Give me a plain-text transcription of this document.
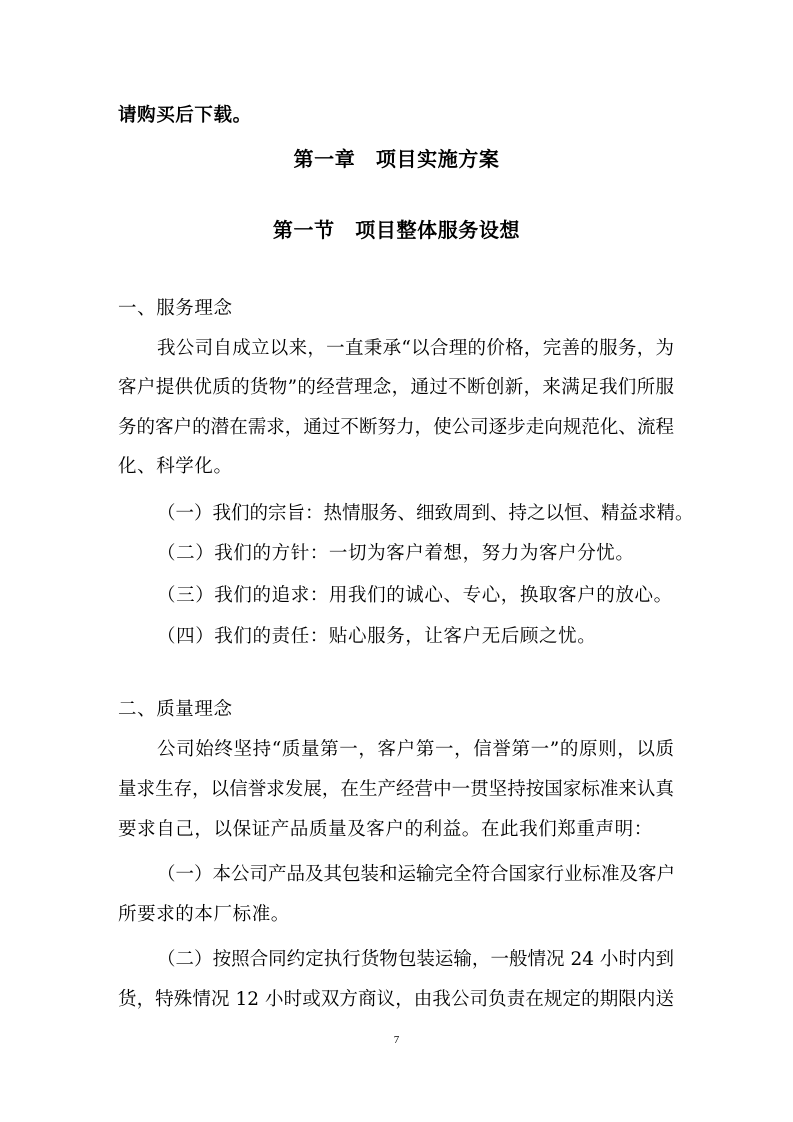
请购买后下载。
第一章　项目实施方案
第一节　项目整体服务设想
一、服务理念
我公司自成立以来，一直秉承“以合理的价格，完善的服务，为
客户提供优质的货物”的经营理念，通过不断创新，来满足我们所服
务的客户的潜在需求，通过不断努力，使公司逐步走向规范化、流程
化、科学化。
（一）我们的宗旨：热情服务、细致周到、持之以恒、精益求精。
（二）我们的方针：一切为客户着想，努力为客户分忧。
（三）我们的追求：用我们的诚心、专心，换取客户的放心。
（四）我们的责任：贴心服务，让客户无后顾之忧。
二、质量理念
公司始终坚持“质量第一，客户第一，信誉第一”的原则，以质
量求生存，以信誉求发展，在生产经营中一贯坚持按国家标准来认真
要求自己，以保证产品质量及客户的利益。在此我们郑重声明：
（一）本公司产品及其包装和运输完全符合国家行业标准及客户
所要求的本厂标准。
（二）按照合同约定执行货物包装运输，一般情况 24 小时内到
货，特殊情况 12 小时或双方商议，由我公司负责在规定的期限内送
7
